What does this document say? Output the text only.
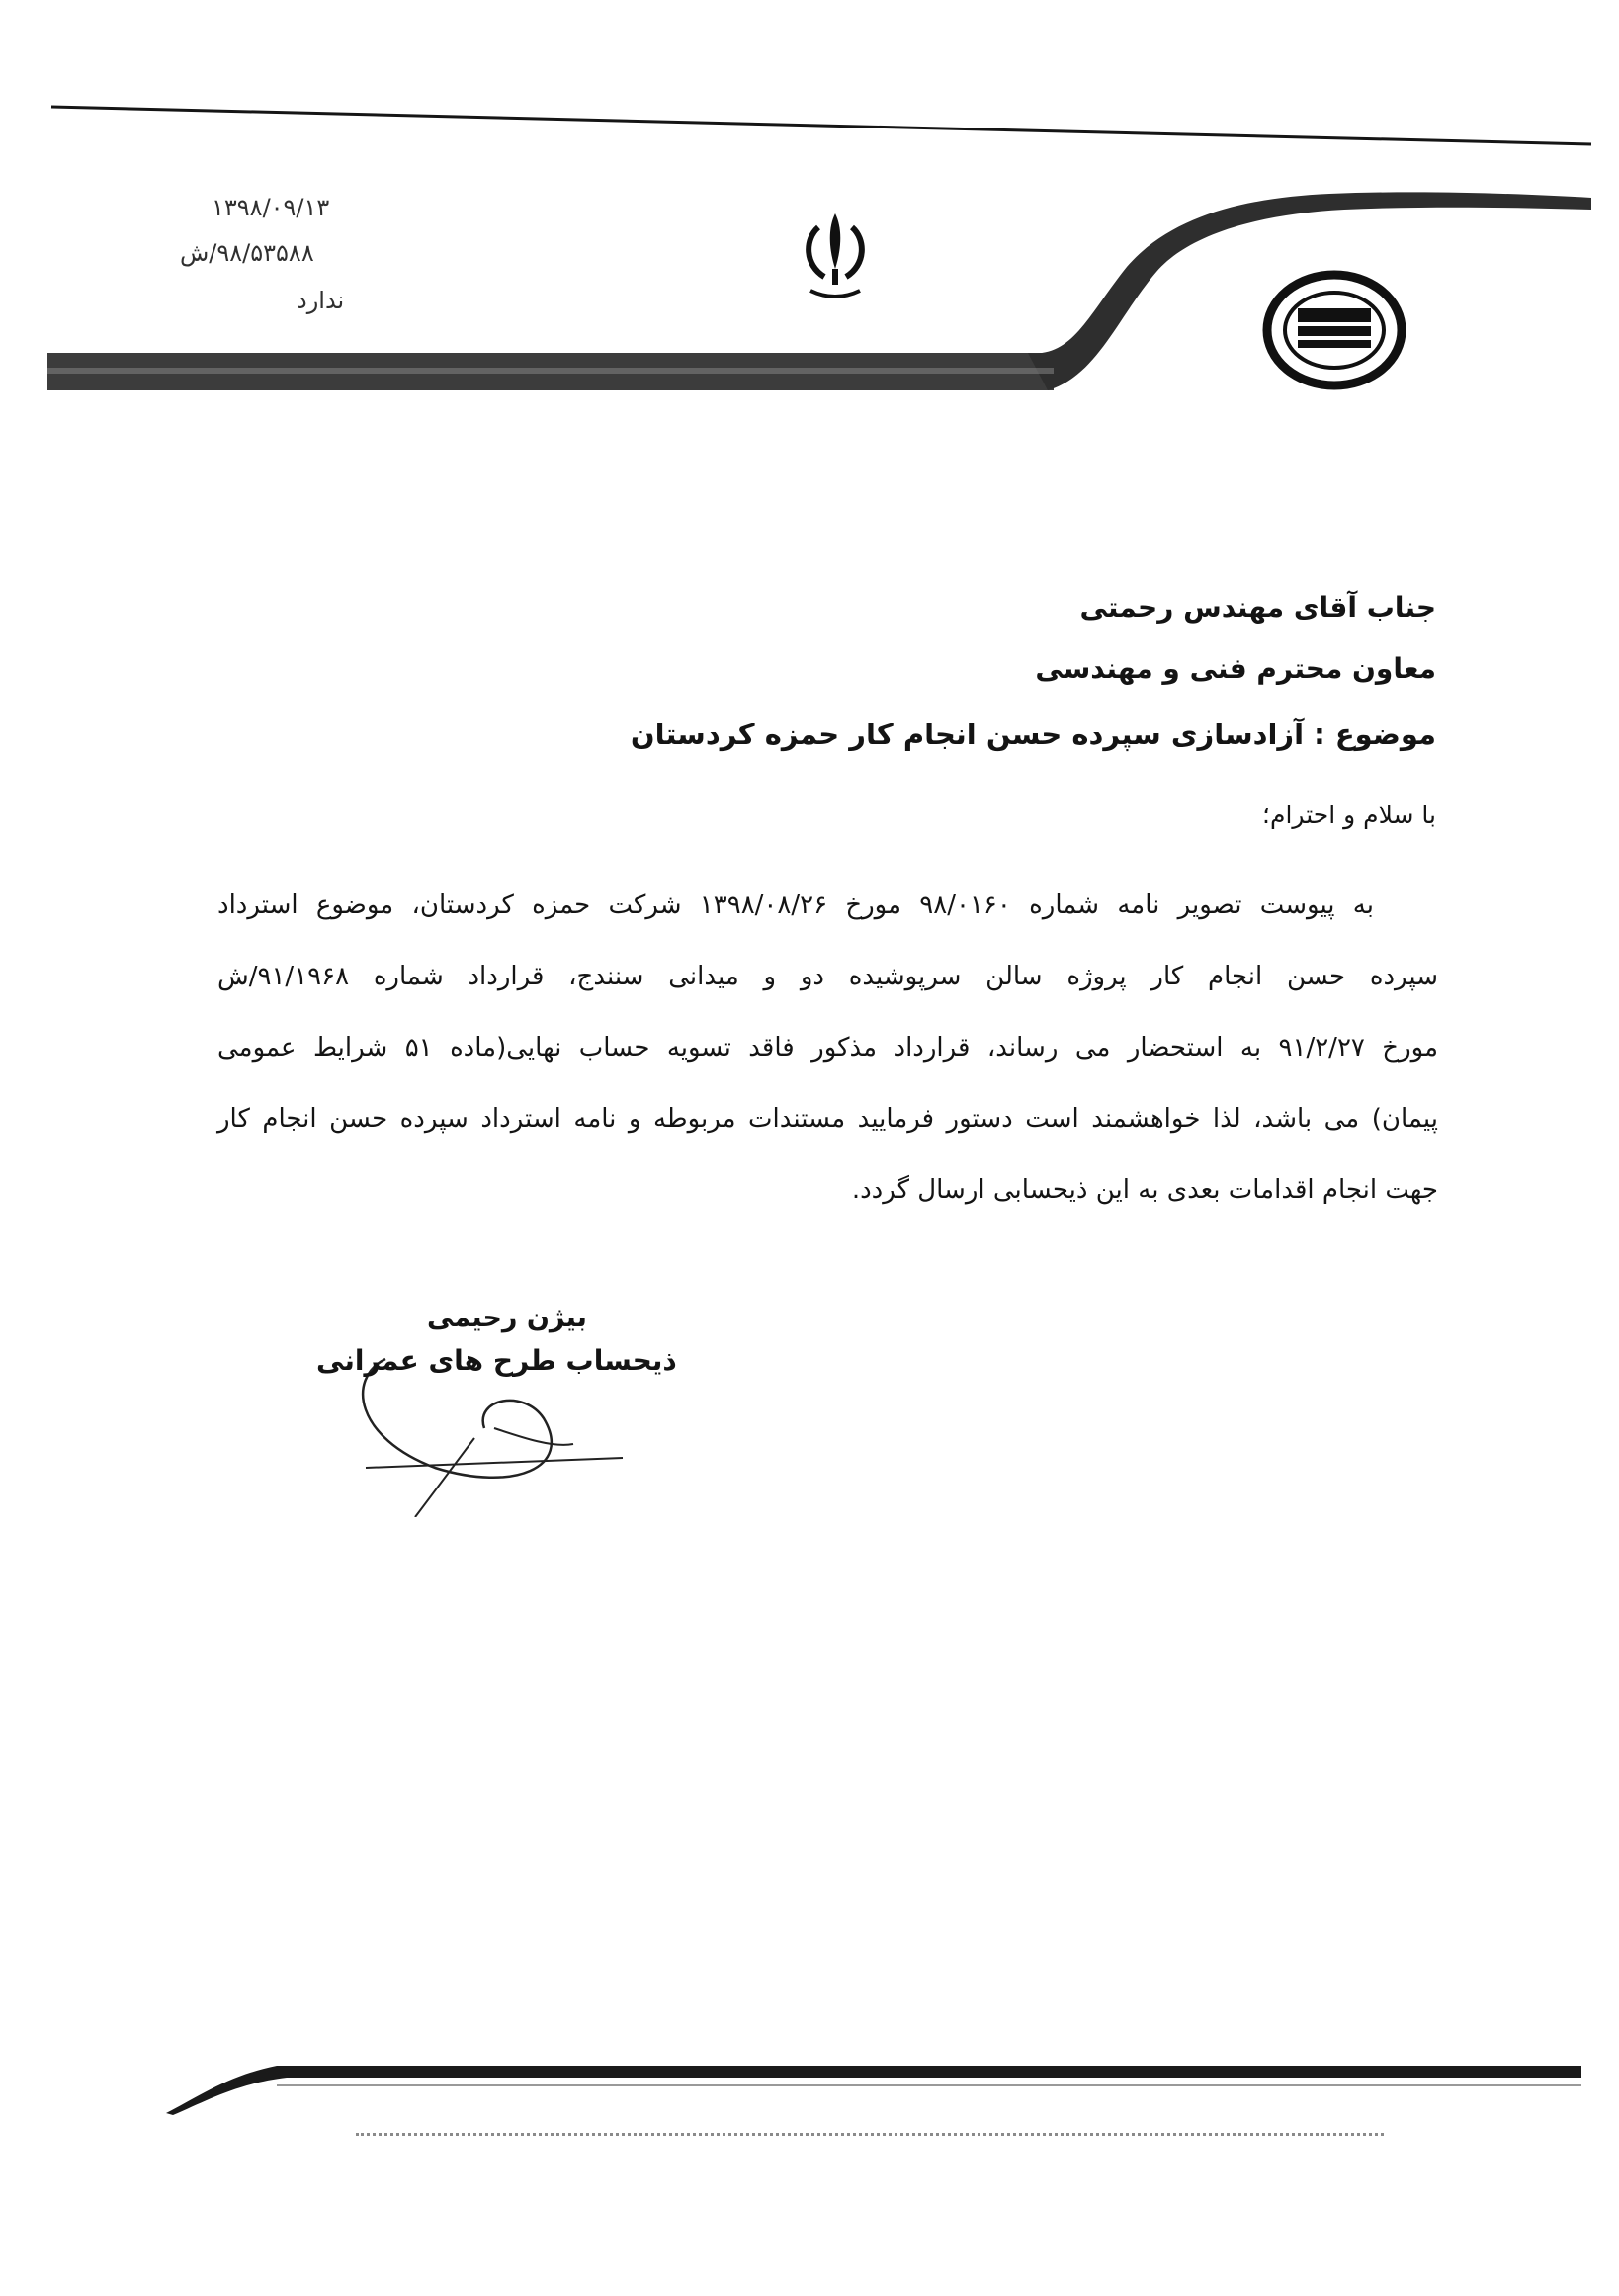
۱۳۹۸/۰۹/۱۳
۹۸/۵۳۵۸۸/ش
ندارد
جناب آقای مهندس رحمتی
معاون محترم فنی و مهندسی
موضوع : آزادسازی سپرده حسن انجام کار حمزه کردستان
با سلام و احترام؛
به پیوست تصویر نامه شماره ۹۸/۰۱۶۰ مورخ ۱۳۹۸/۰۸/۲۶ شرکت حمزه کردستان، موضوع استرداد
سپرده حسن انجام کار پروژه سالن سرپوشیده دو و میدانی سنندج، قرارداد شماره ۹۱/۱۹۶۸/ش
مورخ ۹۱/۲/۲۷ به استحضار می رساند، قرارداد مذکور فاقد تسویه حساب نهایی(ماده ۵۱ شرایط عمومی
پیمان) می باشد، لذا خواهشمند است دستور فرمایید مستندات مربوطه و نامه استرداد سپرده حسن انجام کار
جهت انجام اقدامات بعدی به این ذیحسابی ارسال گردد.
بیژن رحیمی
ذیحساب طرح های عمرانی
